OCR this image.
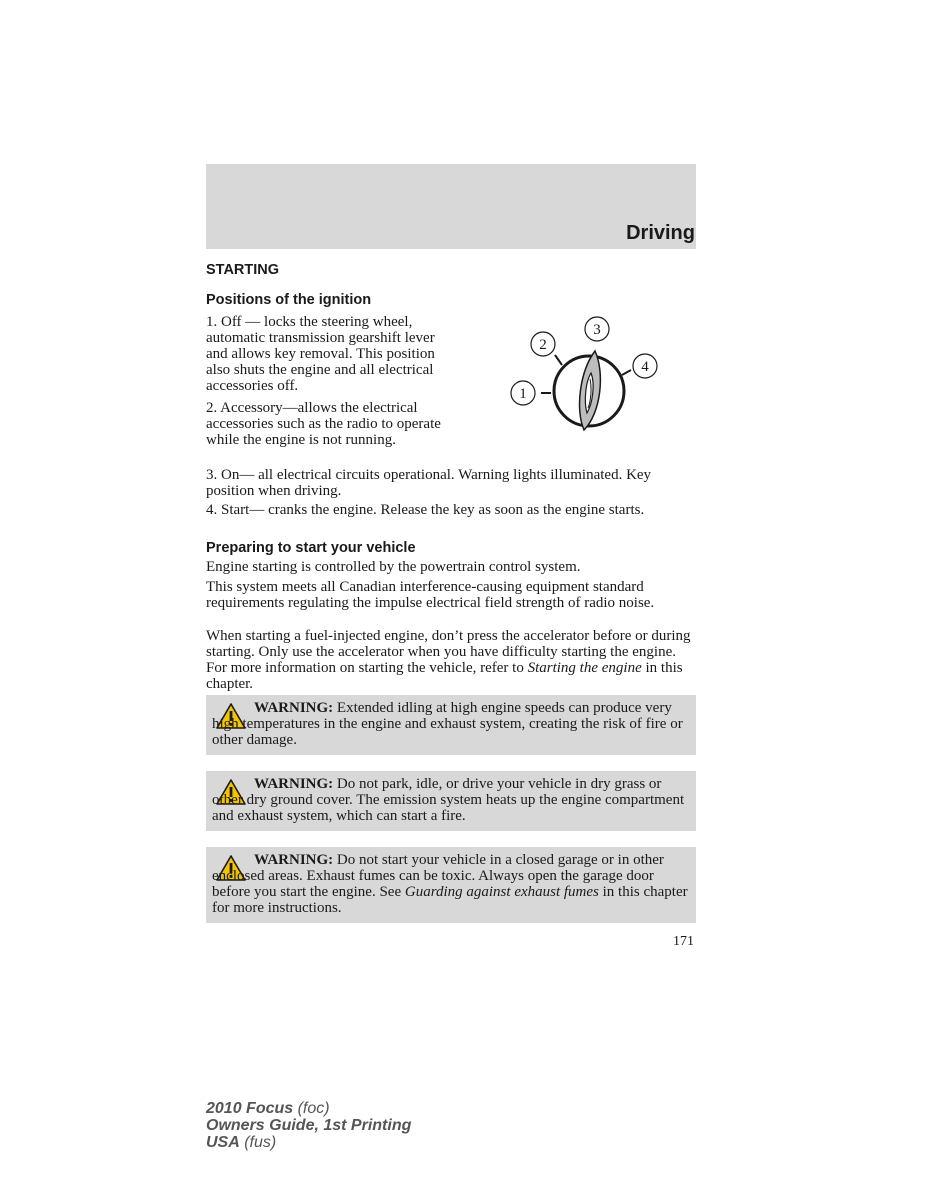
Driving
STARTING
Positions of the ignition

1. Off — locks the steering wheel, automatic transmission gearshift lever and allows key removal. This position also shuts the engine and all electrical accessories off.

2. Accessory—allows the electrical accessories such as the radio to operate while the engine is not running.

1
2
3
4

3. On— all electrical circuits operational. Warning lights illuminated. Key position when driving.

4. Start— cranks the engine. Release the key as soon as the engine starts.

Preparing to start your vehicle

Engine starting is controlled by the powertrain control system.

This system meets all Canadian interference-causing equipment standard requirements regulating the impulse electrical field strength of radio noise.

When starting a fuel-injected engine, don’t press the accelerator before or during starting. Only use the accelerator when you have difficulty starting the engine. For more information on starting the vehicle, refer to Starting the engine in this chapter.

WARNING: Extended idling at high engine speeds can produce very high temperatures in the engine and exhaust system, creating the risk of fire or other damage.

WARNING: Do not park, idle, or drive your vehicle in dry grass or other dry ground cover. The emission system heats up the engine compartment and exhaust system, which can start a fire.

WARNING: Do not start your vehicle in a closed garage or in other enclosed areas. Exhaust fumes can be toxic. Always open the garage door before you start the engine. See Guarding against exhaust fumes in this chapter for more instructions.

171
2010 Focus (foc)
Owners Guide, 1st Printing
USA (fus)
